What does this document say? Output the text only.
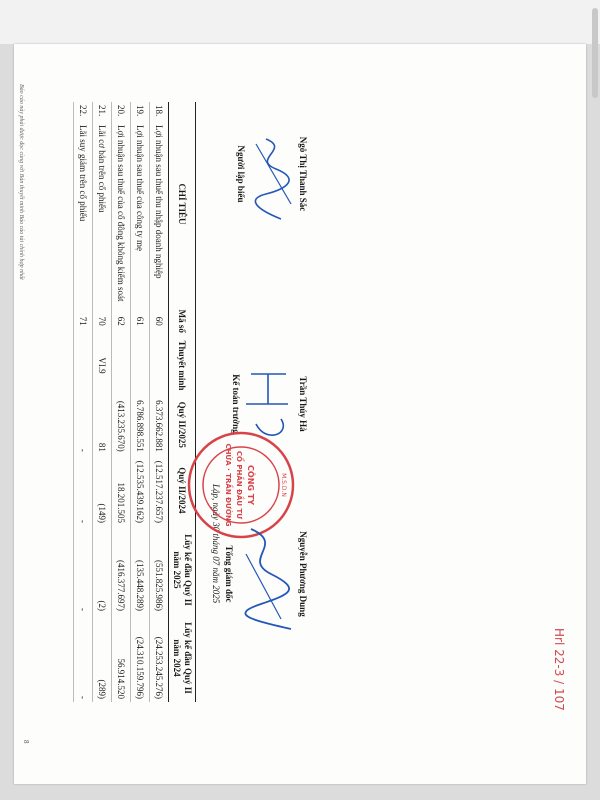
CHỈ TIÊU		Mã số	Thuyết minh	Quý II/2025	Quý II/2024	Lũy kế đầu Quý II năm 2025	Lũy kế đầu Quý II năm 2024
18.	Lợi nhuận sau thuế thu nhập doanh nghiệp	60		6.373.662.881	(12.517.237.657)	(551.825.986)	(24.253.245.276)
19.	Lợi nhuận sau thuế của công ty mẹ	61		6.786.898.551	(12.535.439.162)	(135.448.289)	(24.310.159.796)
20.	Lợi nhuận sau thuế của cổ đông không kiểm soát	62		(413.235.670)	18.201.505	(416.377.697)	56.914.520
21.	Lãi cơ bản trên cổ phiếu	70	VI.9	81	(149)	(2)	(289)
22.	Lãi suy giảm trên cổ phiếu	71		-	-	-	-
Người lập biểu	Ngô Thị Thanh Sắc
Kế toán trưởng	Trần Thúy Hà
Lập, ngày 30 tháng 07 năm 2025 Tổng giám đốc	Nguyễn Phương Dung
CÔNG TY
CỔ PHẦN ĐẦU TƯ
CHỨA · TRẦN ĐƯỜNG	M.S.D.N
Báo cáo này phải được đọc cùng với Bản thuyết minh Báo cáo tài chính hợp nhất
8
Hrl 22-3 / 107
